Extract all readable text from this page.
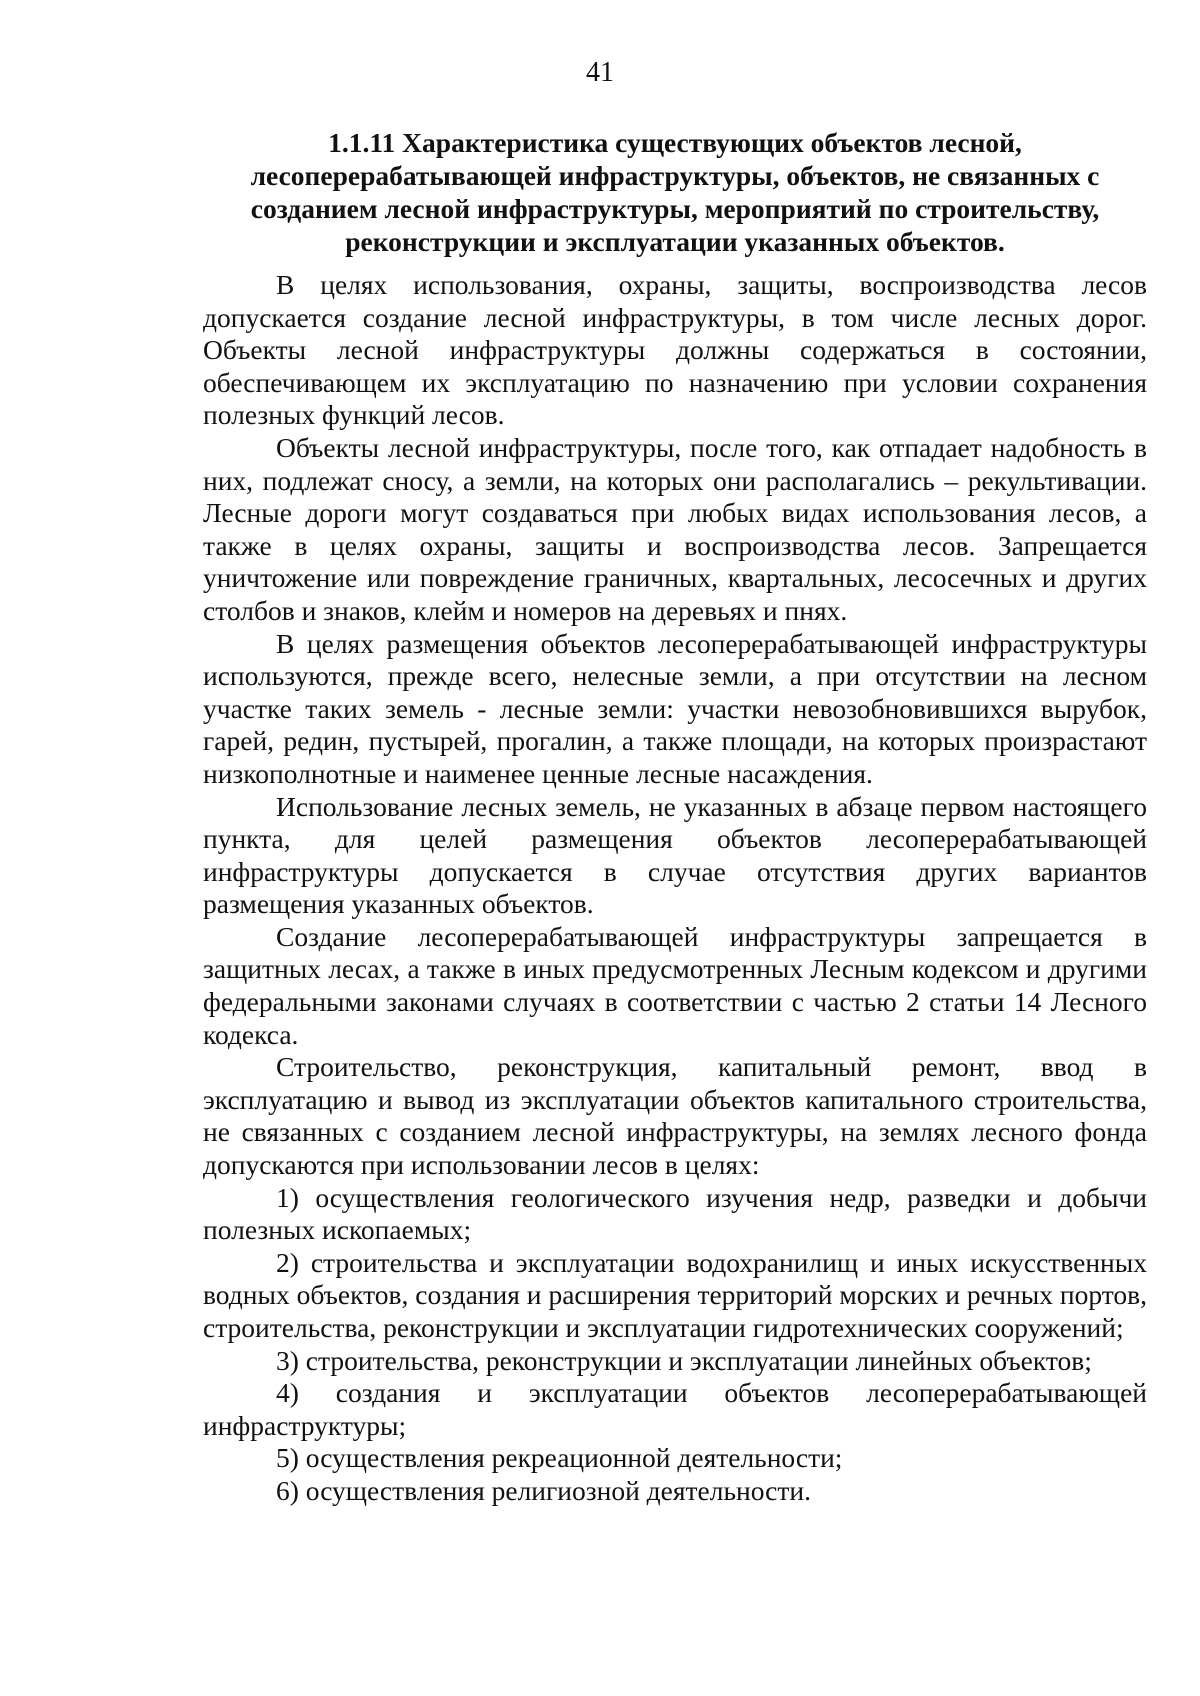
41
1.1.11 Характеристика существующих объектов лесной, лесоперерабатывающей инфраструктуры, объектов, не связанных с созданием лесной инфраструктуры, мероприятий по строительству, реконструкции и эксплуатации указанных объектов.

В целях использования, охраны, защиты, воспроизводства лесов допускается создание лесной инфраструктуры, в том числе лесных дорог. Объекты лесной инфраструктуры должны содержаться в состоянии, обеспечивающем их эксплуатацию по назначению при условии сохранения полезных функций лесов.

Объекты лесной инфраструктуры, после того, как отпадает надобность в них, подлежат сносу, а земли, на которых они располагались – рекультивации. Лесные дороги могут создаваться при любых видах использования лесов, а также в целях охраны, защиты и воспроизводства лесов. Запрещается уничтожение или повреждение граничных, квартальных, лесосечных и других столбов и знаков, клейм и номеров на деревьях и пнях.

В целях размещения объектов лесоперерабатывающей инфраструктуры используются, прежде всего, нелесные земли, а при отсутствии на лесном участке таких земель - лесные земли: участки невозобновившихся вырубок, гарей, редин, пустырей, прогалин, а также площади, на которых произрастают низкополнотные и наименее ценные лесные насаждения.

Использование лесных земель, не указанных в абзаце первом настоящего пункта, для целей размещения объектов лесоперерабатывающей инфраструктуры допускается в случае отсутствия других вариантов размещения указанных объектов.

Создание лесоперерабатывающей инфраструктуры запрещается в защитных лесах, а также в иных предусмотренных Лесным кодексом и другими федеральными законами случаях в соответствии с частью 2 статьи 14 Лесного кодекса.

Строительство, реконструкция, капитальный ремонт, ввод в эксплуатацию и вывод из эксплуатации объектов капитального строительства, не связанных с созданием лесной инфраструктуры, на землях лесного фонда допускаются при использовании лесов в целях:

1) осуществления геологического изучения недр, разведки и добычи полезных ископаемых;

2) строительства и эксплуатации водохранилищ и иных искусственных водных объектов, создания и расширения территорий морских и речных портов, строительства, реконструкции и эксплуатации гидротехнических сооружений;

3) строительства, реконструкции и эксплуатации линейных объектов;

4) создания и эксплуатации объектов лесоперерабатывающей инфраструктуры;

5) осуществления рекреационной деятельности;

6) осуществления религиозной деятельности.
